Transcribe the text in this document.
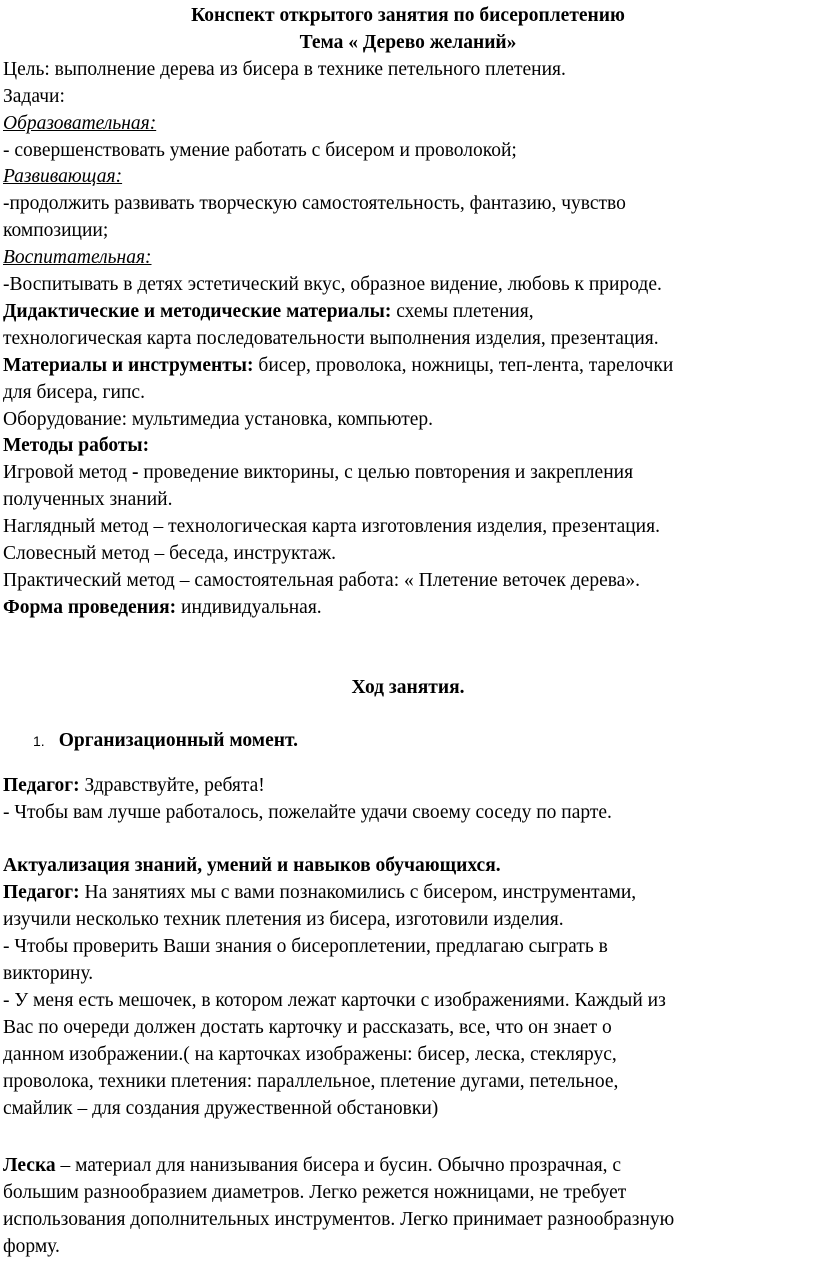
Конспект открытого занятия по бисероплетению
Тема « Дерево желаний»
Цель: выполнение дерева из бисера в технике петельного плетения.
Задачи:
Образовательная:
- совершенствовать умение работать с бисером и проволокой;
Развивающая:
-продолжить развивать творческую самостоятельность, фантазию, чувство
композиции;
Воспитательная:
-Воспитывать в детях эстетический вкус, образное видение, любовь к природе.
Дидактические и методические материалы: схемы плетения,
технологическая карта последовательности выполнения изделия, презентация.
Материалы и инструменты: бисер, проволока, ножницы, теп-лента, тарелочки
для бисера, гипс.
Оборудование: мультимедиа установка, компьютер.
Методы работы:
Игровой метод - проведение викторины, с целью повторения и закрепления
полученных знаний.
Наглядный метод – технологическая карта изготовления изделия, презентация.
Словесный метод – беседа, инструктаж.
Практический метод – самостоятельная работа: « Плетение веточек дерева».
Форма проведения: индивидуальная.
Ход занятия.
1. Организационный момент.
Педагог: Здравствуйте, ребята!
- Чтобы вам лучше работалось, пожелайте удачи своему соседу по парте.
Актуализация знаний, умений и навыков обучающихся.
Педагог: На занятиях мы с вами познакомились с бисером, инструментами,
изучили несколько техник плетения из бисера, изготовили изделия.
- Чтобы проверить Ваши знания о бисероплетении, предлагаю сыграть в
викторину.
- У меня есть мешочек, в котором лежат карточки с изображениями. Каждый из
Вас по очереди должен достать карточку и рассказать, все, что он знает о
данном изображении.( на карточках изображены: бисер, леска, стеклярус,
проволока, техники плетения: параллельное, плетение дугами, петельное,
смайлик – для создания дружественной обстановки)
Леска – материал для нанизывания бисера и бусин. Обычно прозрачная, с
большим разнообразием диаметров. Легко режется ножницами, не требует
использования дополнительных инструментов. Легко принимает разнообразную
форму.
